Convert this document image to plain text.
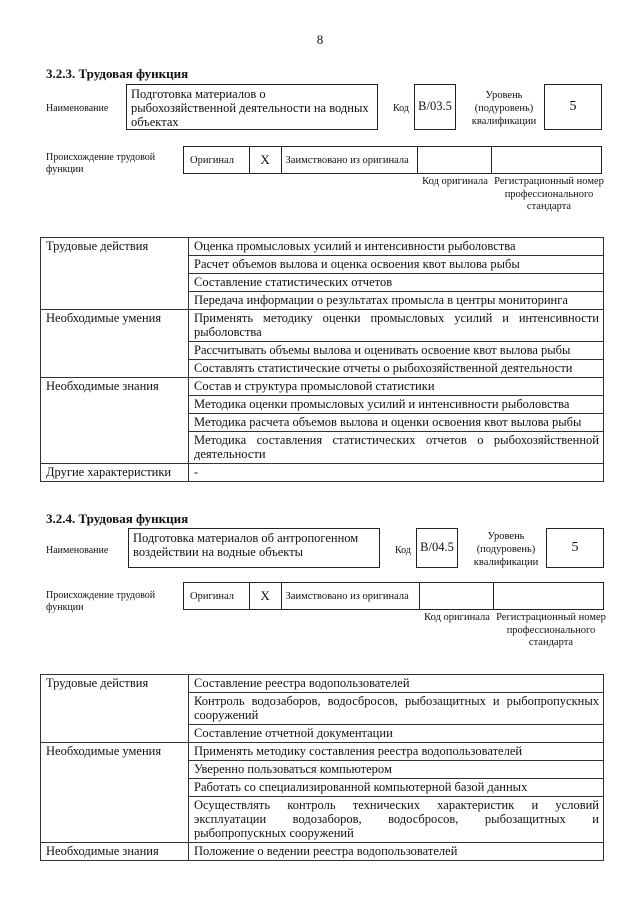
8
3.2.3. Трудовая функция
Наименование
Подготовка материалов о рыбохозяйственной деятельности на водных объектах
Код В/03.5
Уровень (подуровень) квалификации
5
Происхождение трудовой функции
Оригинал	X	Заимствовано из оригинала
Код оригинала Регистрационный номер профессионального стандарта
Трудовые действия	Оценка промысловых усилий и интенсивности рыболовства
	Расчет объемов вылова и оценка освоения квот вылова рыбы
	Составление статистических отчетов
	Передача информации о результатах промысла в центры мониторинга
Необходимые умения	Применять методику оценки промысловых усилий и интенсивности рыболовства
	Рассчитывать объемы вылова и оценивать освоение квот вылова рыбы
	Составлять статистические отчеты о рыбохозяйственной деятельности
Необходимые знания	Состав и структура промысловой статистики
	Методика оценки промысловых усилий и интенсивности рыболовства
	Методика расчета объемов вылова и оценки освоения квот вылова рыбы
	Методика составления статистических отчетов о рыбохозяйственной деятельности
Другие характеристики	-
3.2.4. Трудовая функция
Наименование
Подготовка материалов об антропогенном воздействии на водные объекты	Код В/04.5
Уровень (подуровень) квалификации
5
Происхождение трудовой функции
Оригинал	X	Заимствовано из оригинала
Код оригинала Регистрационный номер профессионального стандарта
Трудовые действия	Составление реестра водопользователей
	Контроль водозаборов, водосбросов, рыбозащитных и рыбопропускных сооружений
	Составление отчетной документации
Необходимые умения	Применять методику составления реестра водопользователей
	Уверенно пользоваться компьютером
	Работать со специализированной компьютерной базой данных
	Осуществлять контроль технических характеристик и условий эксплуатации водозаборов, водосбросов, рыбозащитных и рыбопропускных сооружений
Необходимые знания	Положение о ведении реестра водопользователей
